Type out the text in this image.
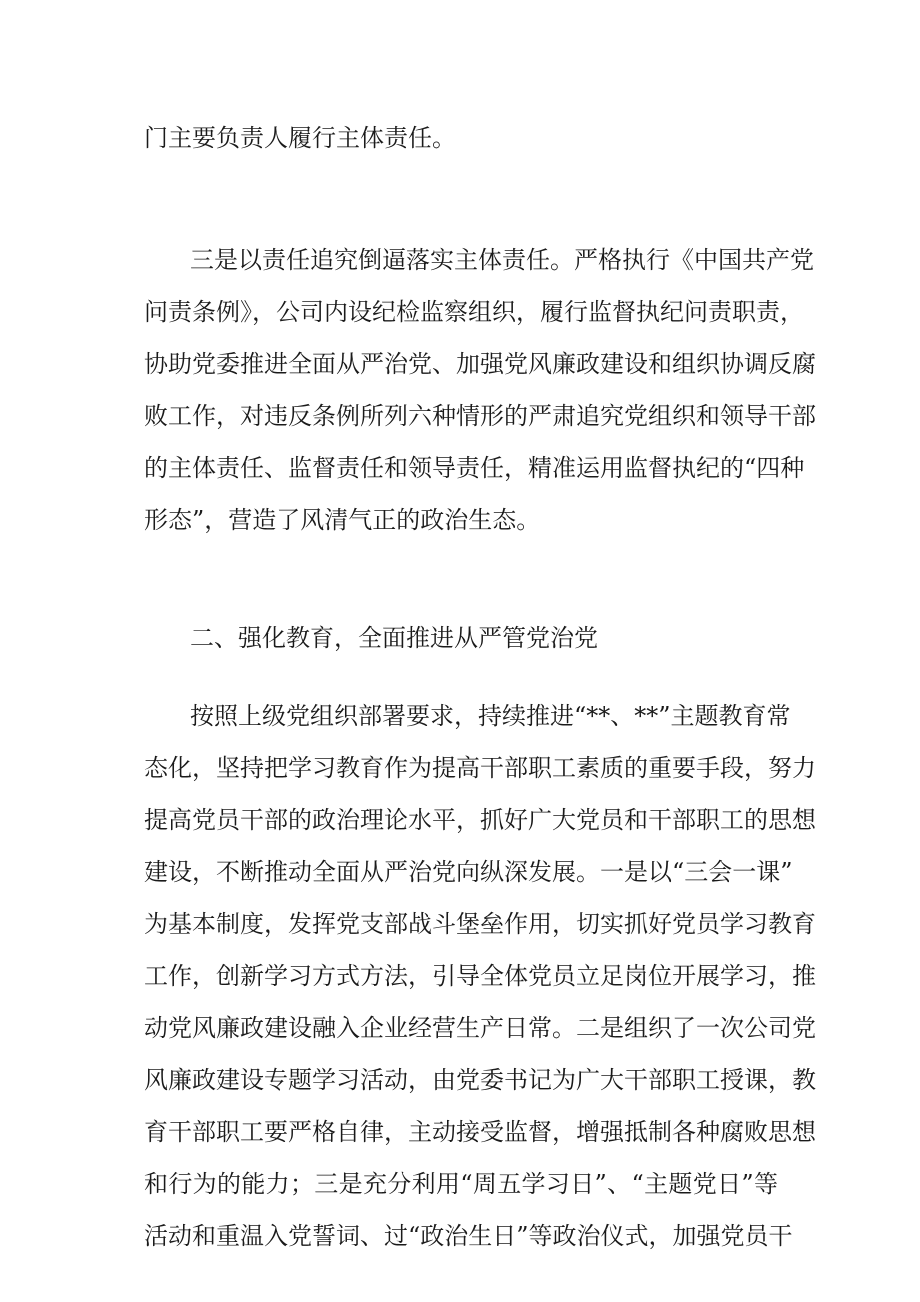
门主要负责人履行主体责任。
三是以责任追究倒逼落实主体责任。严格执行《中国共产党
问责条例》，公司内设纪检监察组织，履行监督执纪问责职责，
协助党委推进全面从严治党、加强党风廉政建设和组织协调反腐
败工作，对违反条例所列六种情形的严肃追究党组织和领导干部
的主体责任、监督责任和领导责任，精准运用监督执纪的“四种
形态”，营造了风清气正的政治生态。
二、强化教育，全面推进从严管党治党
按照上级党组织部署要求，持续推进“**、**”主题教育常
态化，坚持把学习教育作为提高干部职工素质的重要手段，努力
提高党员干部的政治理论水平，抓好广大党员和干部职工的思想
建设，不断推动全面从严治党向纵深发展。一是以“三会一课”
为基本制度，发挥党支部战斗堡垒作用，切实抓好党员学习教育
工作，创新学习方式方法，引导全体党员立足岗位开展学习，推
动党风廉政建设融入企业经营生产日常。二是组织了一次公司党
风廉政建设专题学习活动，由党委书记为广大干部职工授课，教
育干部职工要严格自律，主动接受监督，增强抵制各种腐败思想
和行为的能力；三是充分利用“周五学习日”、“主题党日”等
活动和重温入党誓词、过“政治生日”等政治仪式，加强党员干
